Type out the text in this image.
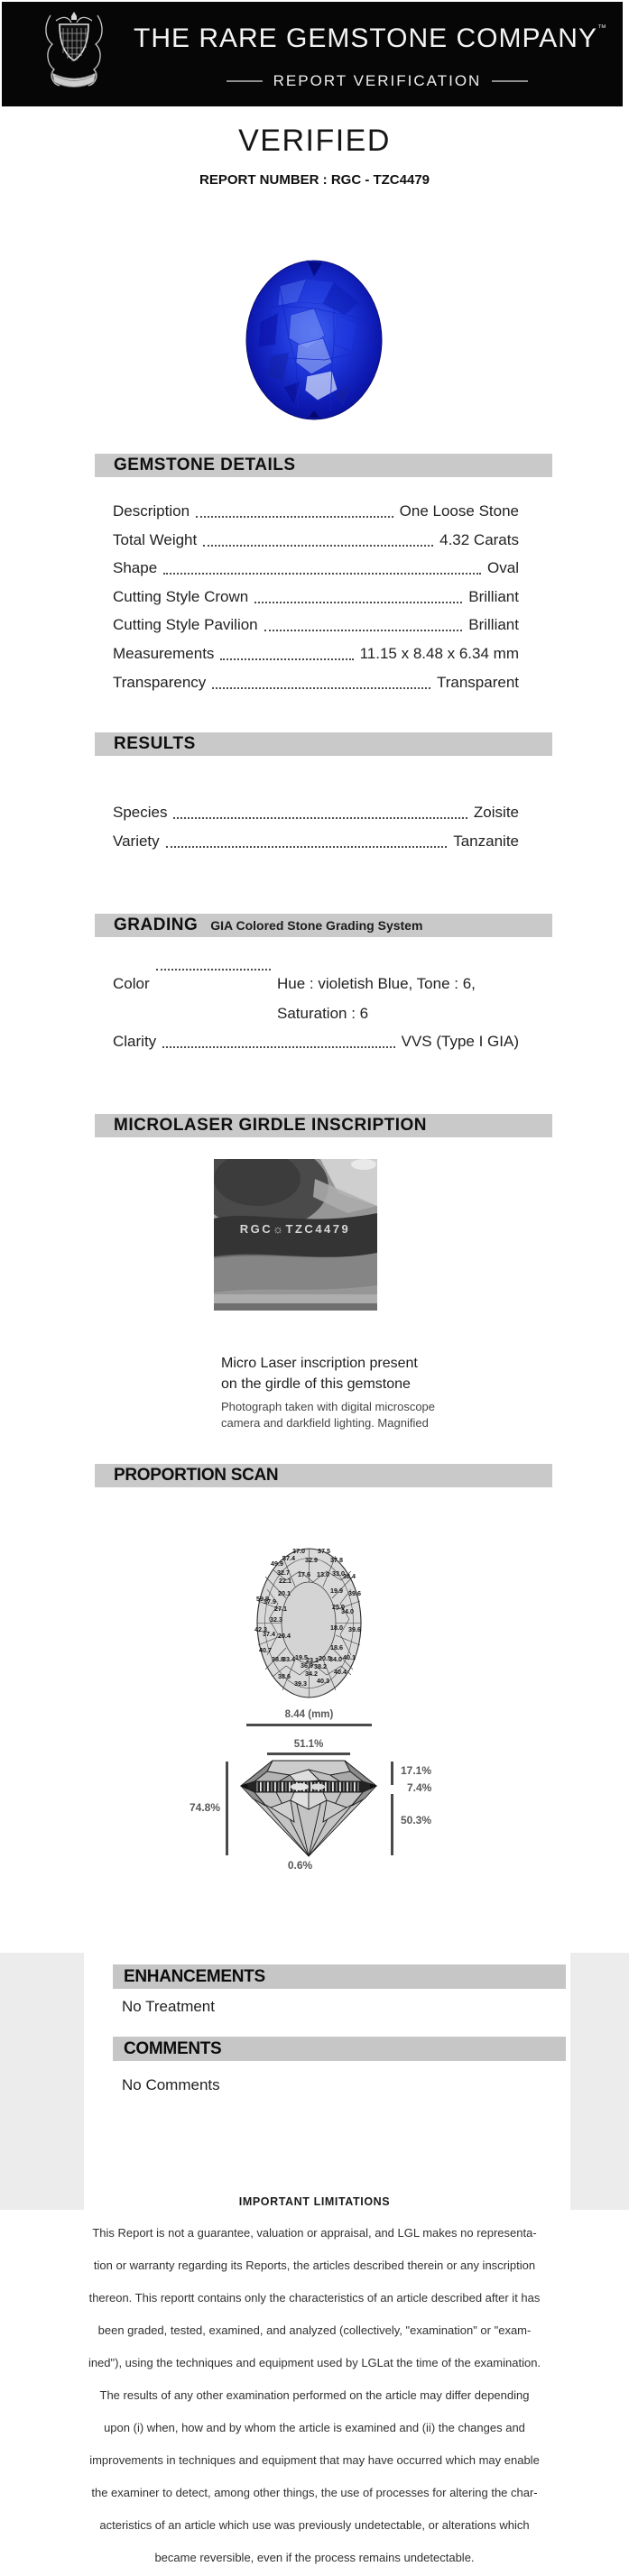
THE RARE GEMSTONE COMPANY™
REPORT VERIFICATION
VERIFIED
REPORT NUMBER : RGC - TZC4479
GEMSTONE DETAILS
Description	One Loose Stone
Total Weight	4.32 Carats
Shape	Oval
Cutting Style Crown	Brilliant
Cutting Style Pavilion	Brilliant
Measurements	11.15 x 8.48 x 6.34 mm
Transparency	Transparent
RESULTS
Species	Zoisite
Variety	Tanzanite
GRADING GIA Colored Stone Grading System
Color	Hue : violetish Blue, Tone : 6,
Saturation : 6
Clarity	VVS (Type I GIA)
MICROLASER GIRDLE INSCRIPTION
RGC☼TZC4479
Micro Laser inscription present
on the girdle of this gemstone
Photograph taken with digital microscope
camera and darkfield lighting. Magnified
PROPORTION SCAN
37.0 37.5
32.9 37.8
37.4
49.9
32.7
22.1
17.6 13.0 33.0
38.4
20.1	19.9 39.6
59.9
37.9
27.1	25.0
34.0
32.3
18.0
42.3
37.4 20.4
39.6
18.6
40.7
38.8
33.4 19.5
23.2 20.5
34.0 40.1
36.9 38.2
40.4
38.6 34.2
39.3 40.3
8.44 (mm)
51.1%
74.8%
17.1%
7.4%
50.3%
0.6%
ENHANCEMENTS
No Treatment
COMMENTS
No Comments
IMPORTANT LIMITATIONS
This Report is not a guarantee, valuation or appraisal, and LGL makes no representa-
tion or warranty regarding its Reports, the articles described therein or any inscription
thereon. This reportt contains only the characteristics of an article described after it has
been graded, tested, examined, and analyzed (collectively, "examination" or "exam-
ined"), using the techniques and equipment used by LGLat the time of the examination.
The results of any other examination performed on the article may differ depending
upon (i) when, how and by whom the article is examined and (ii) the changes and
improvements in techniques and equipment that may have occurred which may enable
the examiner to detect, among other things, the use of processes for altering the char-
acteristics of an article which use was previously undetectable, or alterations which
became reversible, even if the process remains undetectable.
